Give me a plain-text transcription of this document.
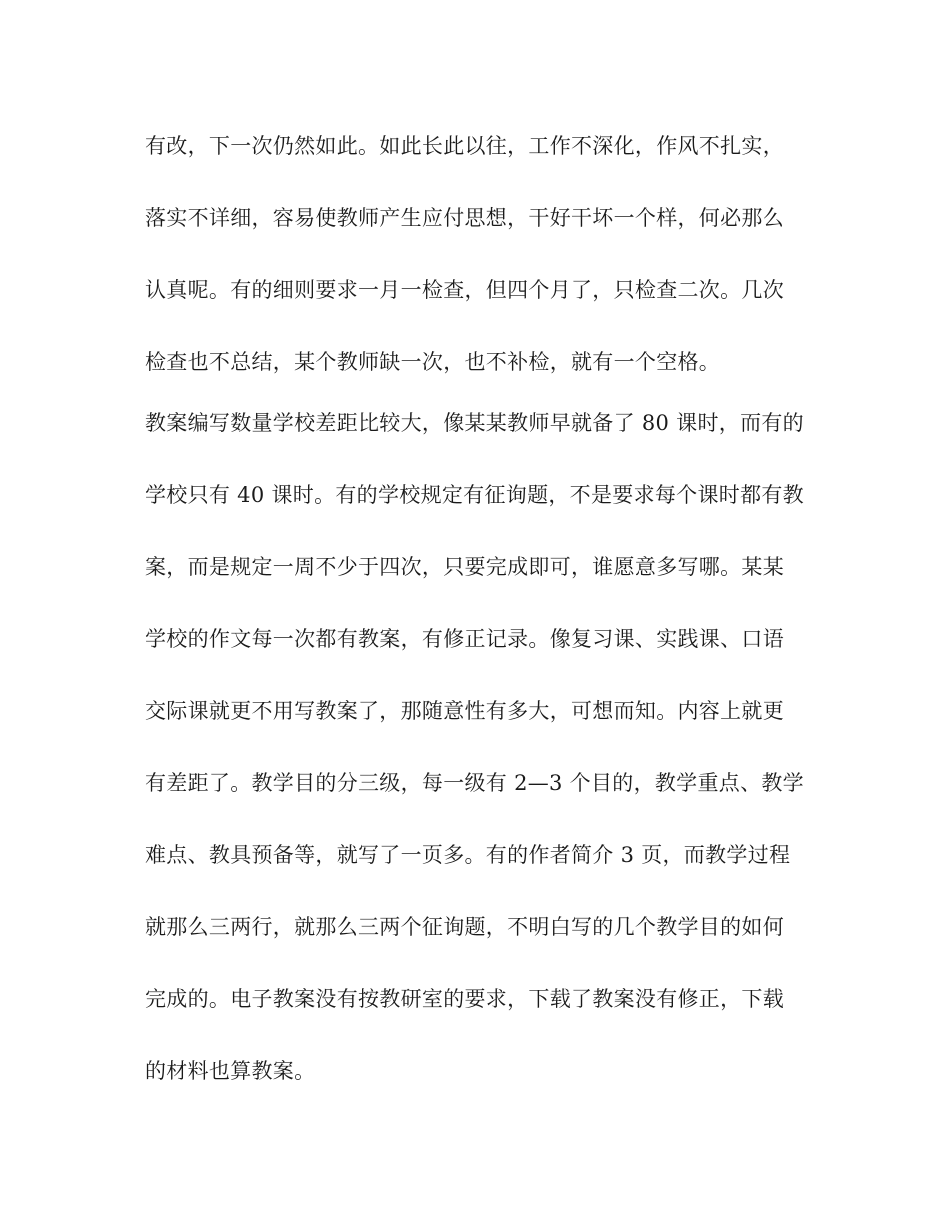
有改，下一次仍然如此。如此长此以往，工作不深化，作风不扎实，
落实不详细，容易使教师产生应付思想，干好干坏一个样，何必那么
认真呢。有的细则要求一月一检查，但四个月了，只检查二次。几次
检查也不总结，某个教师缺一次，也不补检，就有一个空格。
教案编写数量学校差距比较大，像某某教师早就备了 80 课时，而有的
学校只有 40 课时。有的学校规定有征询题，不是要求每个课时都有教
案，而是规定一周不少于四次，只要完成即可，谁愿意多写哪。某某
学校的作文每一次都有教案，有修正记录。像复习课、实践课、口语
交际课就更不用写教案了，那随意性有多大，可想而知。内容上就更
有差距了。教学目的分三级，每一级有 2—3 个目的，教学重点、教学
难点、教具预备等，就写了一页多。有的作者简介 3 页，而教学过程
就那么三两行，就那么三两个征询题，不明白写的几个教学目的如何
完成的。电子教案没有按教研室的要求，下载了教案没有修正，下载
的材料也算教案。
